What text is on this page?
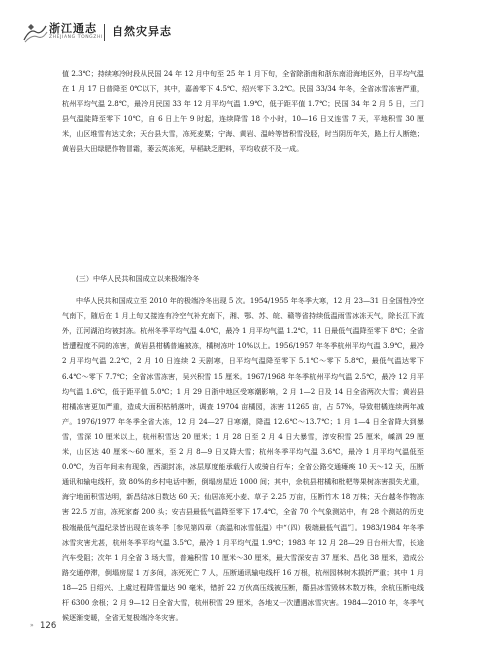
浙江通志
ZHEJIANG TONGZHI 自然灾异志

值 2.3℃；持续寒冷时段从民国 24 年 12 月中旬至 25 年 1 月下旬，全省除浙南和浙东南沿海地区外，日平均气温在 1 月 17 日普降至 0℃以下，其中，嘉善零下 4.5℃、绍兴零下 3.2℃。民国 33/34 年冬，全省冰雪冻害严重，杭州平均气温 2.8℃，最冷月民国 33 年 12 月平均气温 1.9℃，低于距平值 1.7℃；民国 34 年 2 月 5 日，三门县气温陡降至零下 10℃，自 6 日上午 9 时起，连续降雪 18 个小时，10—16 日又连雪 7 天，平地积雪 30 厘米，山区堆雪有达丈余；天台县大雪，冻死麦粟；宁海、黄岩、温岭等皆积雪没胫，时当阴历年关，路上行人断绝；黄岩县大田绿肥作物冒霜，萎云英冻死，早稻缺乏肥料，平均收获不及一成。

(三）中华人民共和国成立以来极端冷冬

中华人民共和国成立至 2010 年的极端冷冬出现 5 次。1954/1955 年冬季大寒，12 月 23—31 日全国性冷空气南下，随后在 1 月上旬又接连有冷空气补充南下，湘、鄂、苏、皖、赣等省持续低温雨雪冰冻天气，除长江下流外，江河湖泊均被封冻。杭州冬季平均气温 4.0℃，最冷 1 月平均气温 1.2℃，11 日最低气温降至零下 8℃；全省皆遭程度不同的冻害，黄岩县柑橘普遍被冻，橘树冻叶 10%以上。1956/1957 年冬季杭州平均气温 3.9℃，最冷 2 月平均气温 2.2℃，2 月 10 日连续 2 天剧寒，日平均气温降至零下 5.1℃～零下 5.8℃，最低气温达零下 6.4℃～零下 7.7℃；全省冰雪冻害，吴兴积雪 15 厘米。1967/1968 年冬季杭州平均气温 2.5℃，最冷 12 月平均气温 1.6℃，低于距平值 5.0℃；1 月 29 日浙中地区受寒潮影响，2 月 1—2 日及 14 日全省两次大雪；黄岩县柑橘冻害更加严重，造成大面积枯梢落叶，调查 19704 亩橘园，冻害 11265 亩，占 57%，导致柑橘连续两年减产。1976/1977 年冬季全省大冻，12 月 24—27 日寒潮，降温 12.6℃～13.7℃；1 月 1—4 日全省降大到暴雪，雪深 10 厘米以上，杭州积雪达 20 厘米；1 月 28 日至 2 月 4 日大暴雪，淳安积雪 25 厘米，嵊泗 29 厘米，山区达 40 厘米～60 厘米，至 2 月 8—9 日又降大雪；杭州冬季平均气温 3.6℃，最冷 1 月平均气温低至 0.0℃，为百年间未有现象，西湖封冻，冰层厚度能承载行人或骑自行车；全省公路交通瘫痪 10 天～12 天，压断通讯和输电线杆，致 80%的乡村电话中断，倒塌房屋近 1000 间；其中，余杭县柑橘和枇杷等果树冻害损失尤重，海宁地面积雪达明，新昌结冰日数达 60 天；仙居冻死小麦、草子 2.25 万亩，压断竹木 18 万株；天台越冬作物冻害 22.5 万亩，冻死家畜 200 头；安吉县最低气温降至零下 17.4℃，全省 70 个气象测站中，有 28 个测站的历史极端最低气温纪录皆出现在该冬季［参见第四章（高温和冰雪低温）中“（四）极端最低气温”］。1983/1984 年冬季冰雪灾害尤甚，杭州冬季平均气温 3.5℃，最冷 1 月平均气温 1.9℃；1983 年 12 月 28—29 日台州大雪，长途汽车受阻；次年 1 月全省 3 场大雪，普遍积雪 10 厘米～30 厘米，最大雪深安吉 37 厘米、昌化 38 厘米，造成公路交通停滞，倒塌房屋 1 万多间，冻死死亡 7 人，压断通讯输电线杆 16 万根，杭州园林树木损折严重；其中 1 月 18—25 日绍兴、上虞过程降雪量达 90 毫米，错折 22 万伙高压线被压断，衢县冰雪毁林木数万株，余杭压断电线杆 6300 余根；2 月 9—12 日全省大雪，杭州积雪 29 厘米，各地又一次遭遇冰雪灾害。1984—2010 年，冬季气候逐渐变暖，全省无复极端冷冬灾害。

» 126
